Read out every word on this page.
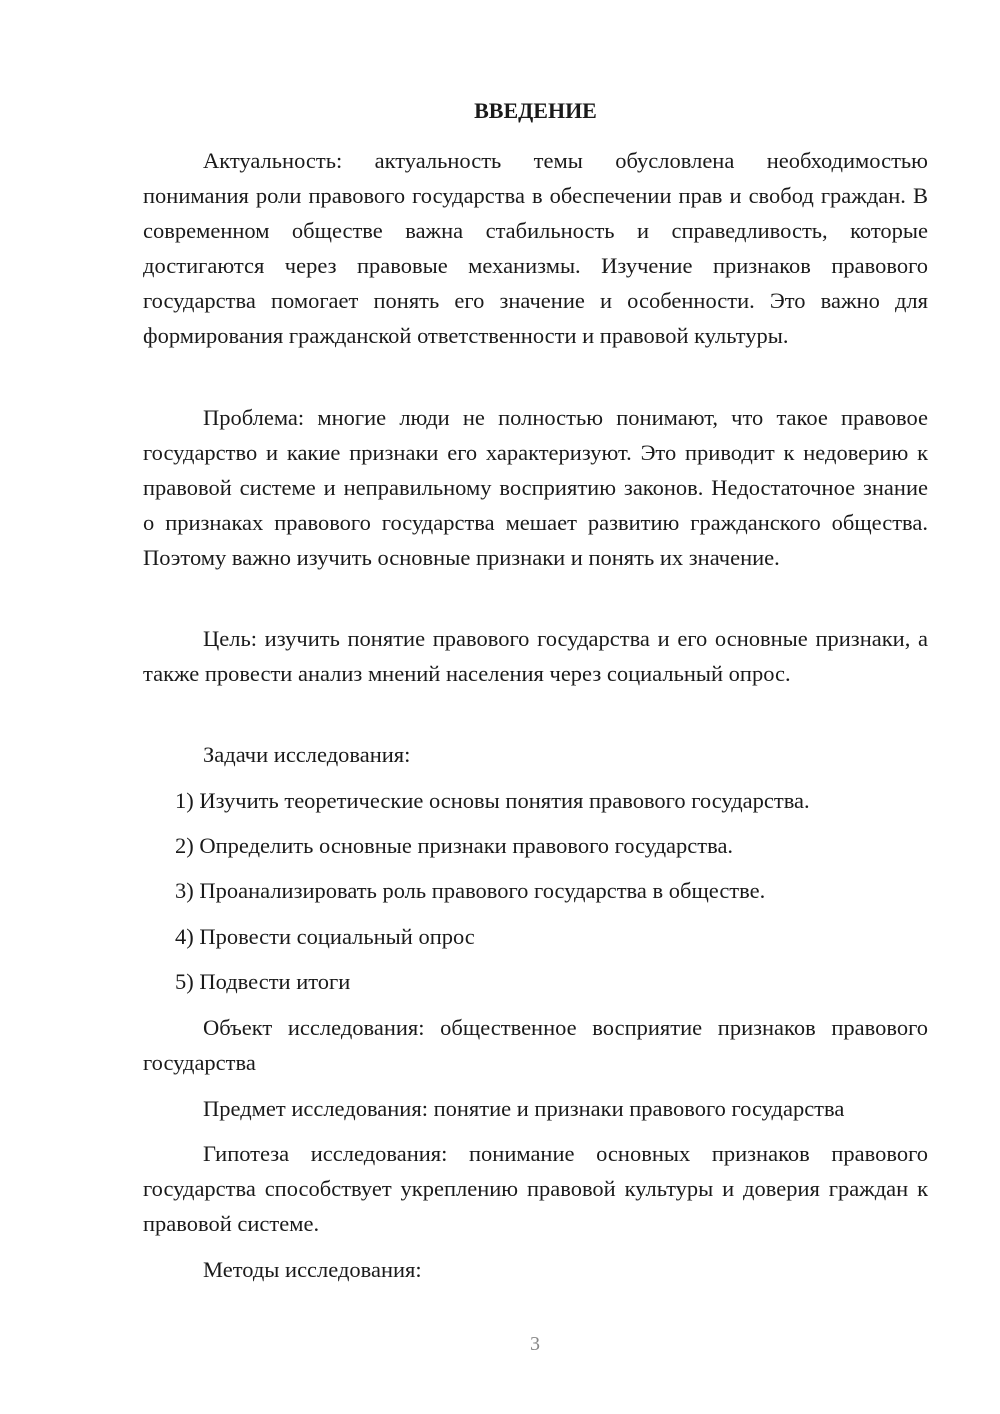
ВВЕДЕНИЕ

Актуальность: актуальность темы обусловлена необходимостью понимания роли правового государства в обеспечении прав и свобод граждан. В современном обществе важна стабильность и справедливость, которые достигаются через правовые механизмы. Изучение признаков правового государства помогает понять его значение и особенности. Это важно для формирования гражданской ответственности и правовой культуры.

Проблема: многие люди не полностью понимают, что такое правовое государство и какие признаки его характеризуют. Это приводит к недоверию к правовой системе и неправильному восприятию законов. Недостаточное знание о признаках правового государства мешает развитию гражданского общества. Поэтому важно изучить основные признаки и понять их значение.

Цель: изучить понятие правового государства и его основные признаки, а также провести анализ мнений населения через социальный опрос.

Задачи исследования:

1) Изучить теоретические основы понятия правового государства.

2) Определить основные признаки правового государства.

3) Проанализировать роль правового государства в обществе.

4) Провести социальный опрос

5) Подвести итоги

Объект исследования: общественное восприятие признаков правового государства

Предмет исследования: понятие и признаки правового государства

Гипотеза исследования: понимание основных признаков правового государства способствует укреплению правовой культуры и доверия граждан к правовой системе.

Методы исследования:

3
